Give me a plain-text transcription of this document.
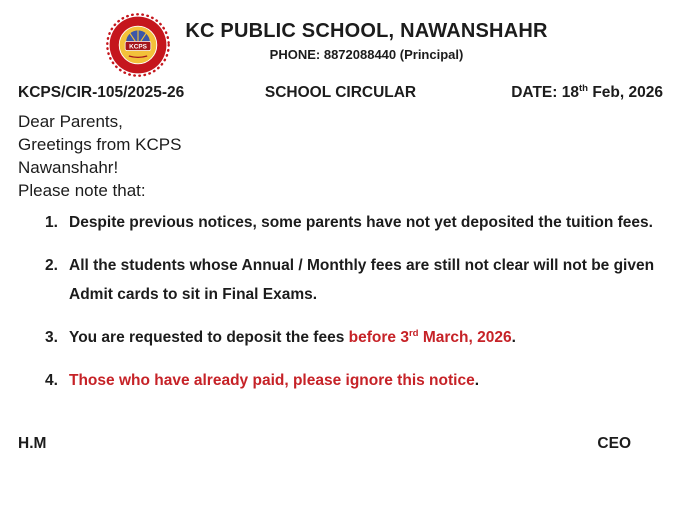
KCPS
KC PUBLIC SCHOOL, NAWANSHAHR
PHONE: 8872088440 (Principal)
KCPS/CIR-105/2025-26	SCHOOL CIRCULAR	DATE: 18th Feb, 2026
Dear Parents,
Greetings from KCPS
Nawanshahr!
Please note that:
1. Despite previous notices, some parents have not yet deposited the tuition fees.
2. All the students whose Annual / Monthly fees are still not clear will not be given Admit cards to sit in Final Exams.
3. You are requested to deposit the fees before 3rd March, 2026.
4. Those who have already paid, please ignore this notice.
H.M	CEO
